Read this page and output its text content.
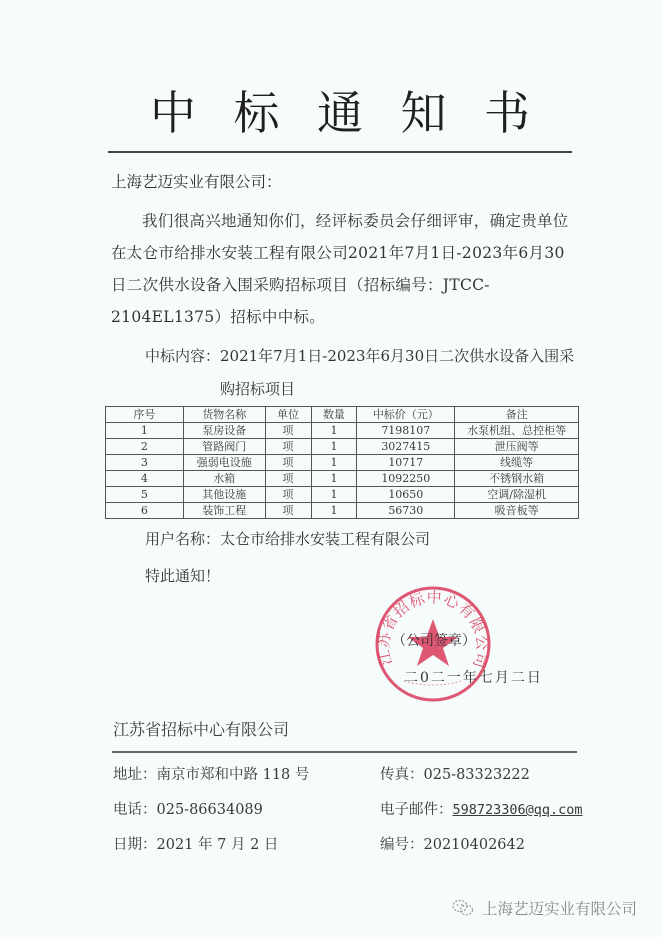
中 标 通 知 书
上海艺迈实业有限公司：
我们很高兴地通知你们，经评标委员会仔细评审，确定贵单位在太仓市给排水安装工程有限公司2021年7月1日-2023年6月30日二次供水设备入围采购招标项目（招标编号：JTCC-2104EL1375）招标中中标。
中标内容：2021年7月1日-2023年6月30日二次供水设备入围采
购招标项目
序号	货物名称	单位	数量	中标价（元）	备注
1	泵房设备	项	1	7198107	水泵机组、总控柜等
2	管路阀门	项	1	3027415	泄压阀等
3	强弱电设施	项	1	10717	线缆等
4	水箱	项	1	1092250	不锈钢水箱
5	其他设施	项	1	10650	空调/除湿机
6	装饰工程	项	1	56730	吸音板等
用户名称：太仓市给排水安装工程有限公司
特此通知！
江苏省招标中心有限公司
（公司签章）
二0二一年七月二日
江苏省招标中心有限公司
地址：南京市郑和中路 118 号	传真：025-83323222
电话：025-86634089	电子邮件：598723306@qq.com
日期：2021 年 7 月 2 日	编号：20210402642
上海艺迈实业有限公司
